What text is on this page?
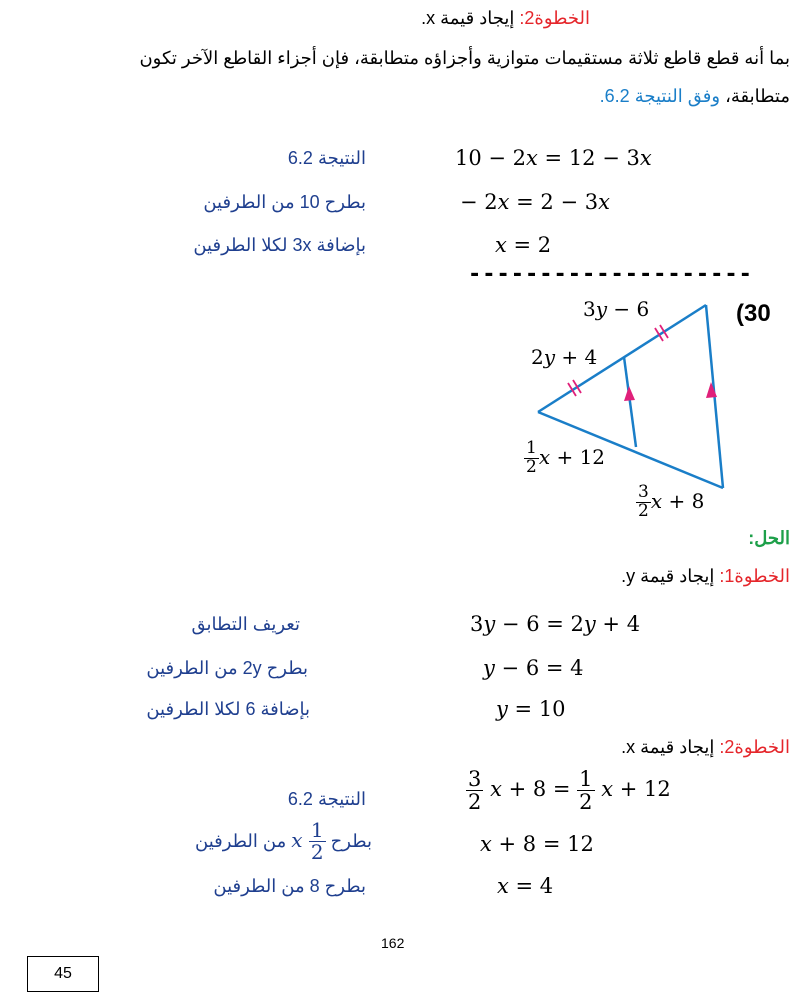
الخطوة2: إيجاد قيمة x.
بما أنه قطع قاطع ثلاثة مستقيمات متوازية وأجزاؤه متطابقة، فإن أجزاء القاطع الآخر تكون
متطابقة، وفق النتيجة 6.2.
10 − 2x = 12 − 3x
النتيجة 6.2
− 2x = 2 − 3x
بطرح 10 من الطرفين
x = 2
بإضافة 3x لكلا الطرفين
--------------------
(30
3y − 6
2y + 4
$\frac{1}{2}$ x + 12
$\frac{3}{2}$ x + 8
الحل:
الخطوة1: إيجاد قيمة y.
3y − 6 = 2y + 4
تعريف التطابق
y − 6 = 4
بطرح 2y من الطرفين
y = 10
بإضافة 6 لكلا الطرفين
الخطوة2: إيجاد قيمة x.
$\frac{3}{2}$ $x + 8 = \frac{1}{2}$ x + 12
النتيجة 6.2
x + 8 = 12
بطرح
$\frac{1}{2}$
x من الطرفين
x = 4
بطرح 8 من الطرفين
162
45
